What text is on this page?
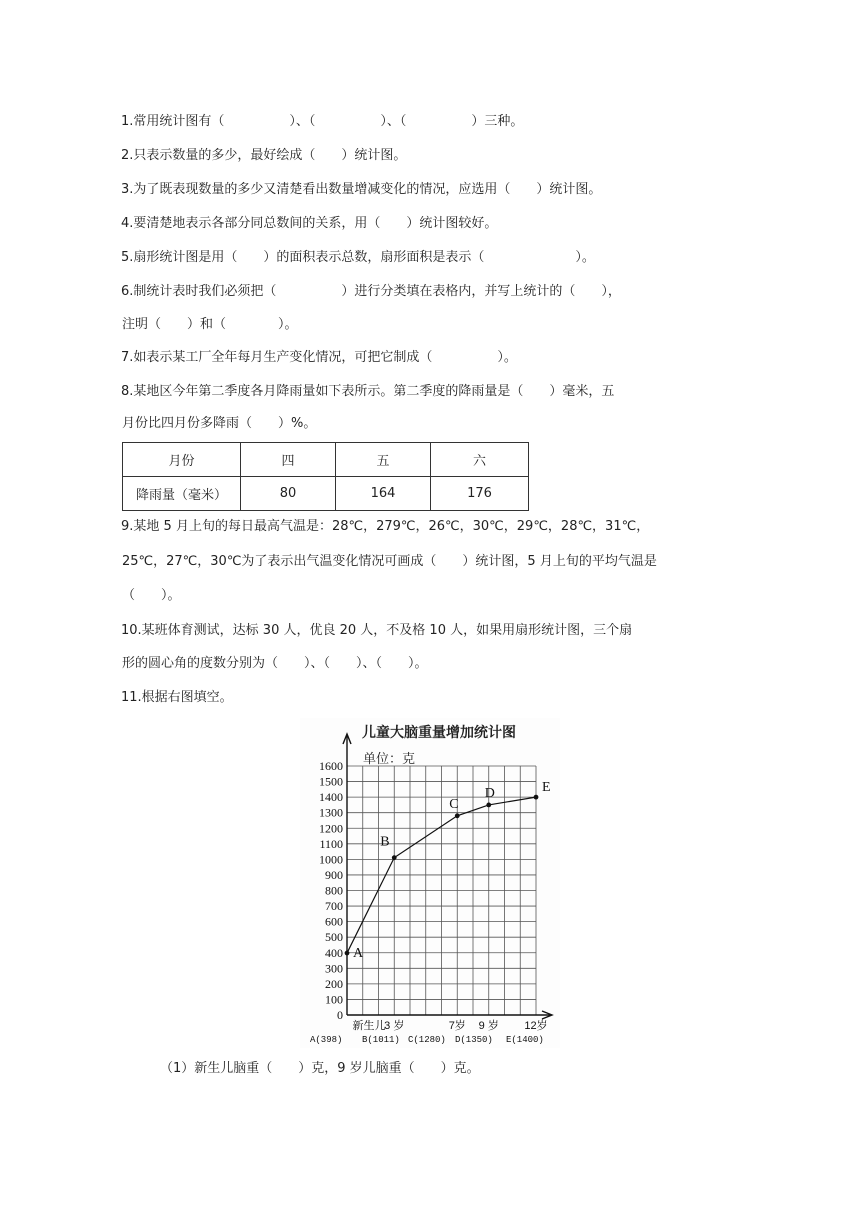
1.常用统计图有（　　　　　）、（　　　　　）、（　　　　　）三种。
2.只表示数量的多少，最好绘成（　　）统计图。
3.为了既表现数量的多少又清楚看出数量增减变化的情况，应选用（　　）统计图。
4.要清楚地表示各部分同总数间的关系，用（　　）统计图较好。
5.扇形统计图是用（　　）的面积表示总数，扇形面积是表示（　　　　　　　）。
6.制统计表时我们必须把（　　　　　）进行分类填在表格内，并写上统计的（　　），
注明（　　）和（　　　　）。
7.如表示某工厂全年每月生产变化情况，可把它制成（　　　　　）。
8.某地区今年第二季度各月降雨量如下表所示。第二季度的降雨量是（　　）毫米，五
月份比四月份多降雨（　　）%。
月份	四	五	六
降雨量（毫米）	80	164	176
9.某地 5 月上旬的每日最高气温是：28℃，279℃，26℃，30℃，29℃，28℃，31℃，
25℃，27℃，30℃为了表示出气温变化情况可画成（　　）统计图，5 月上旬的平均气温是
（　　）。
10.某班体育测试，达标 30 人，优良 20 人，不及格 10 人，如果用扇形统计图，三个扇
形的圆心角的度数分别为（　　）、（　　）、（　　）。
11.根据右图填空。
儿童大脑重量增加统计图
单位：克
1600
1500
1400
1300
1200
1100
1000
900
800
700
600
500
400
300
200
100
0
新生儿
3 岁	7岁 9 岁 12岁
A
B
C
D	E
A(398) B(1011) C(1280) D(1350) E(1400)
（1）新生儿脑重（　　）克，9 岁儿脑重（　　）克。
